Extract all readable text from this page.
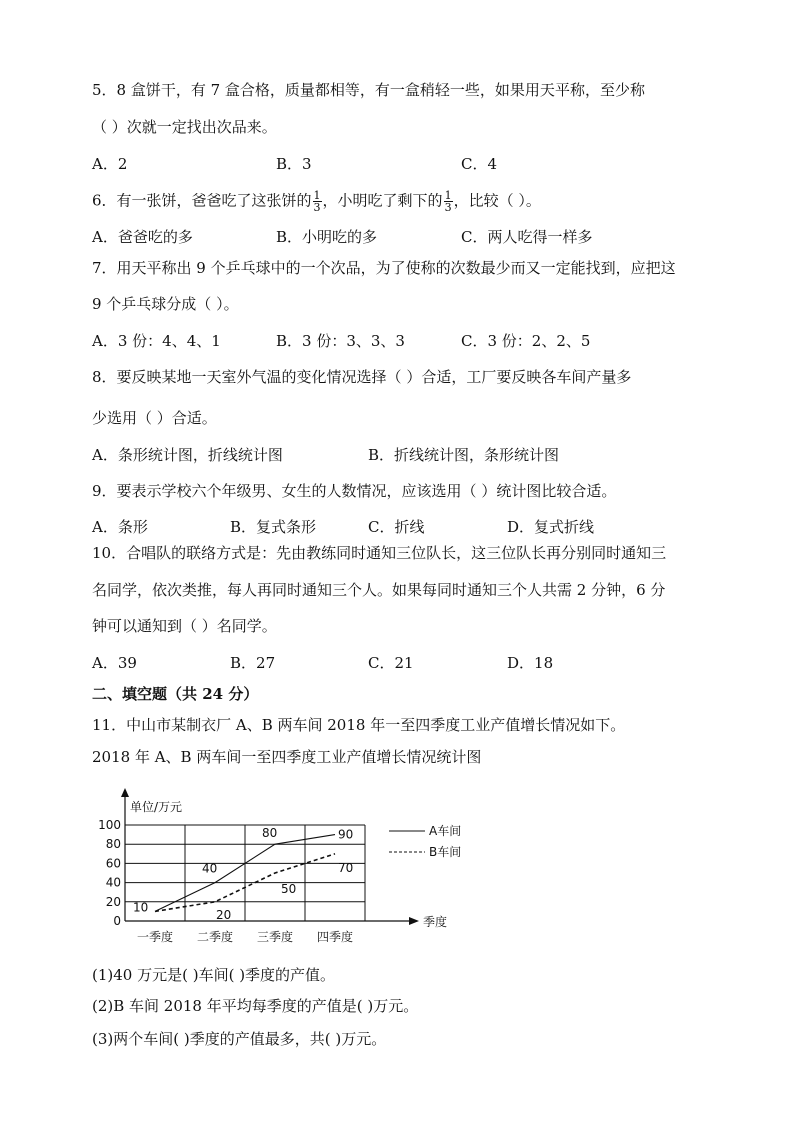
5．8 盒饼干，有 7 盒合格，质量都相等，有一盒稍轻一些，如果用天平称，至少称
（ ）次就一定找出次品来。
A．2	B．3	C．4
6．有一张饼，爸爸吃了这张饼的 $\frac{1}{3}$ ，小明吃了剩下的 $\frac{1}{3}$ ，比较（ ）。
A．爸爸吃的多	B．小明吃的多	C．两人吃得一样多
7．用天平称出 9 个乒乓球中的一个次品，为了使称的次数最少而又一定能找到，应把这
9 个乒乓球分成（ ）。
A．3 份：4、4、1	B．3 份：3、3、3	C．3 份：2、2、5
8．要反映某地一天室外气温的变化情况选择（ ）合适，工厂要反映各车间产量多
少选用（ ）合适。
A．条形统计图，折线统计图	B．折线统计图，条形统计图
9．要表示学校六个年级男、女生的人数情况，应该选用（ ）统计图比较合适。
A．条形	B．复式条形	C．折线	D．复式折线
10．合唱队的联络方式是：先由教练同时通知三位队长，这三位队长再分别同时通知三
名同学，依次类推，每人再同时通知三个人。如果每同时通知三个人共需 2 分钟，6 分
钟可以通知到（ ）名同学。
A．39	B．27	C．21	D．18
二、填空题（共 24 分）
11．中山市某制衣厂 A、B 两车间 2018 年一至四季度工业产值增长情况如下。
2018 年 A、B 两车间一至四季度工业产值增长情况统计图
100
80
60
40
20
0
单位/万元
季度
一季度 二季度 三季度 四季度
10
40
80	90
20
50
70
A车间
B车间
(1)40 万元是( )车间( )季度的产值。
(2)B 车间 2018 年平均每季度的产值是( )万元。
(3)两个车间( )季度的产值最多，共( )万元。
